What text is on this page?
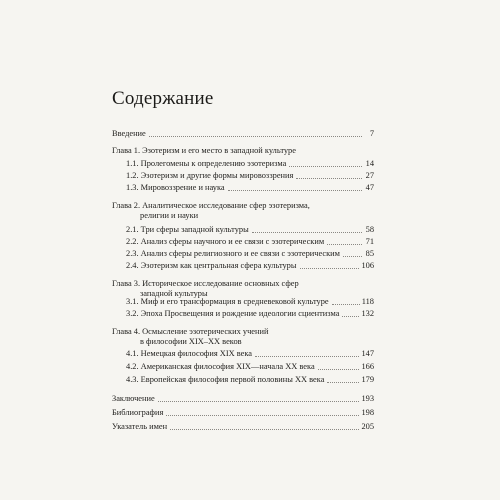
Содержание
Введение	7
Глава 1. Эзотеризм и его место в западной культуре
1.1. Пролегомены к определению эзотеризма	14
1.2. Эзотеризм и другие формы мировоззрения	27
1.3. Мировоззрение и наука	47
Глава 2. Аналитическое исследование сфер эзотеризма,
религии и науки
2.1. Три сферы западной культуры	58
2.2. Анализ сферы научного и ее связи с эзотерическим	71
2.3. Анализ сферы религиозного и ее связи с эзотерическим	85
2.4. Эзотеризм как центральная сфера культуры	106
Глава 3. Историческое исследование основных сфер
западной культуры
3.1. Миф и его трансформация в средневековой культуре	118
3.2. Эпоха Просвещения и рождение идеологии сциентизма	132
Глава 4. Осмысление эзотерических учений
в философии XIX–XX веков
4.1. Немецкая философия XIX века	147
4.2. Американская философия XIX—начала XX века	166
4.3. Европейская философия первой половины XX века	179
Заключение	193
Библиография	198
Указатель имен	205
